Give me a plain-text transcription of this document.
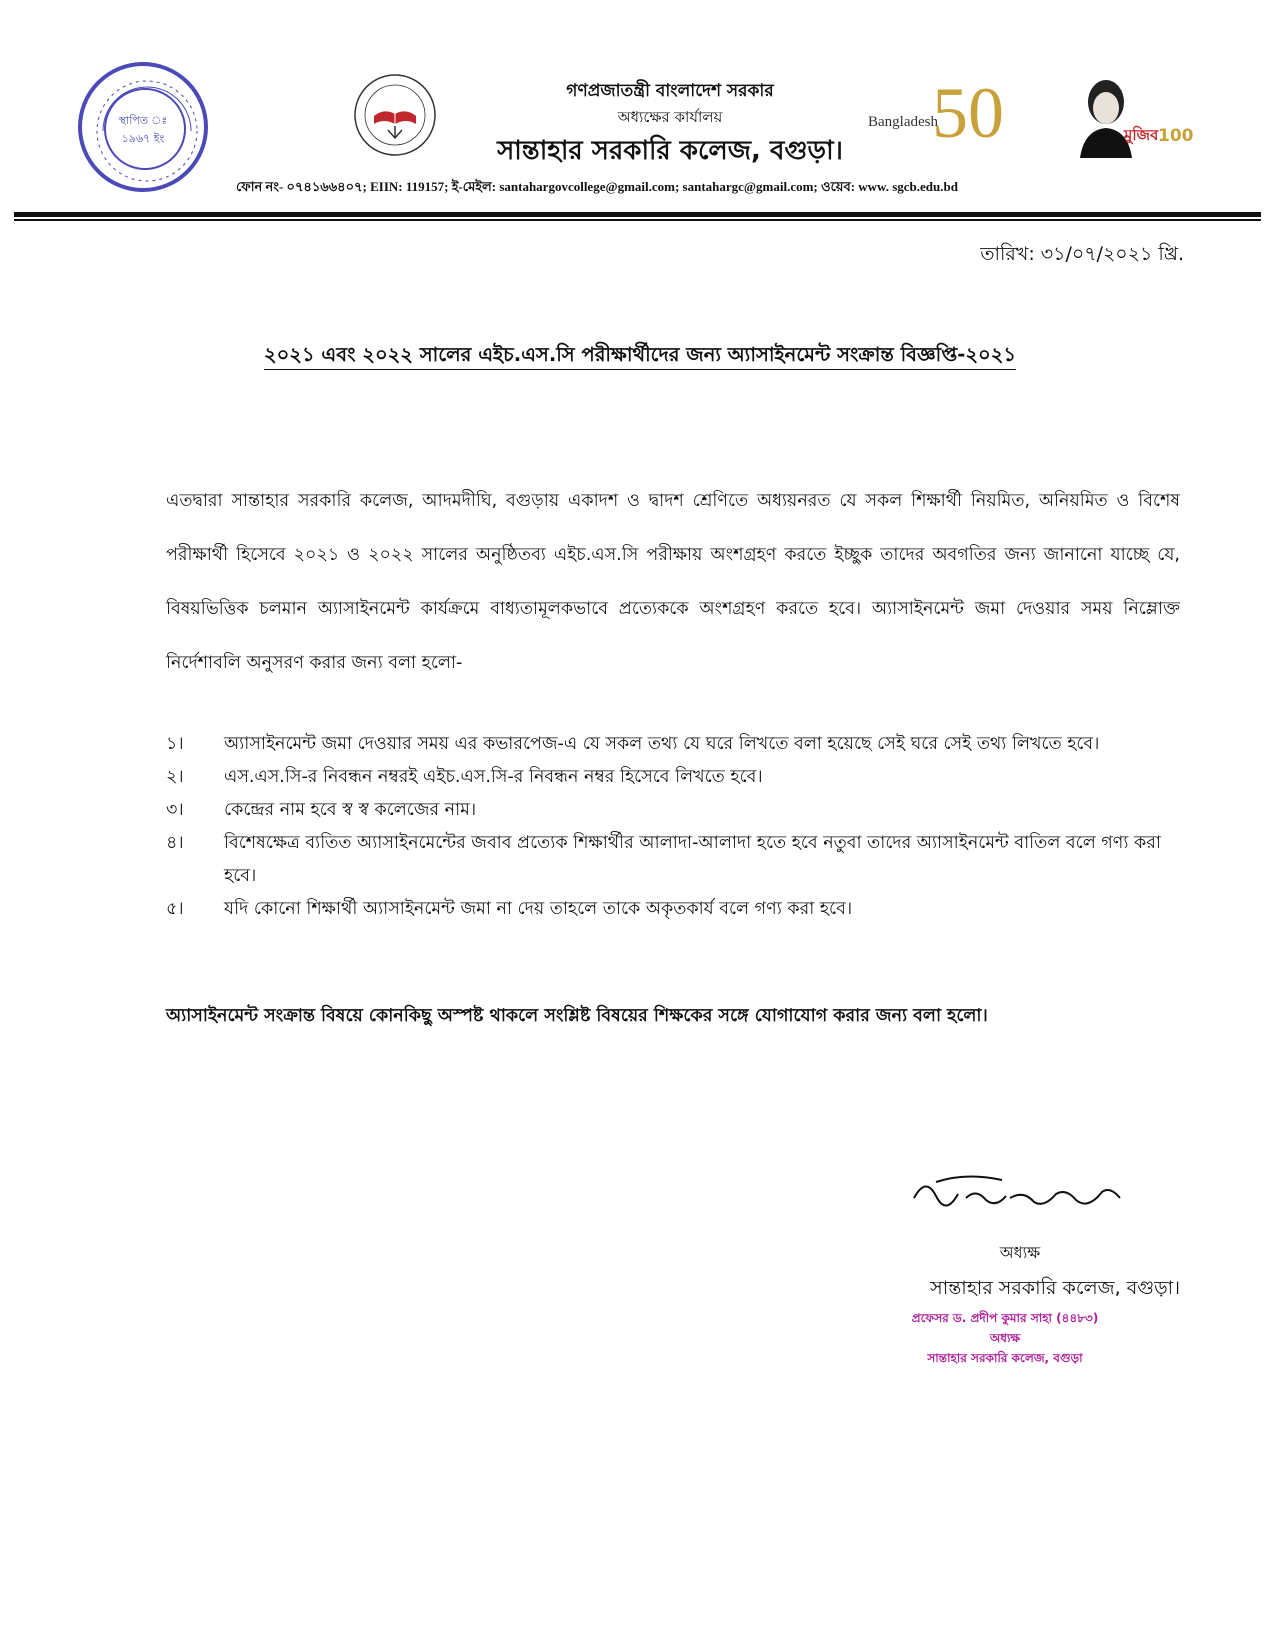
স্থাপিত ঃ
১৯৬৭ ইং
গণপ্রজাতন্ত্রী বাংলাদেশ সরকার
অধ্যক্ষের কার্যালয়
সান্তাহার সরকারি কলেজ, বগুড়া।
Bangladesh
50	মুজিব 100
ফোন নং- ০৭৪১৬৬৪০৭; EIIN: 119157; ই-মেইল: santahargovcollege@gmail.com; santahargc@gmail.com; ওয়েব: www. sgcb.edu.bd
তারিখ: ৩১/০৭/২০২১ খ্রি.
২০২১ এবং ২০২২ সালের এইচ.এস.সি পরীক্ষার্থীদের জন্য অ্যাসাইনমেন্ট সংক্রান্ত বিজ্ঞপ্তি-২০২১
এতদ্বারা সান্তাহার সরকারি কলেজ, আদমদীঘি, বগুড়ায় একাদশ ও দ্বাদশ শ্রেণিতে অধ্যয়নরত যে সকল শিক্ষার্থী নিয়মিত, অনিয়মিত ও বিশেষ পরীক্ষার্থী হিসেবে ২০২১ ও ২০২২ সালের অনুষ্ঠিতব্য এইচ.এস.সি পরীক্ষায় অংশগ্রহণ করতে ইচ্ছুক তাদের অবগতির জন্য জানানো যাচ্ছে যে, বিষয়ভিত্তিক চলমান অ্যাসাইনমেন্ট কার্যক্রমে বাধ্যতামূলকভাবে প্রত্যেককে অংশগ্রহণ করতে হবে। অ্যাসাইনমেন্ট জমা দেওয়ার সময় নিম্লোক্ত নির্দেশাবলি অনুসরণ করার জন্য বলা হলো-
১।	অ্যাসাইনমেন্ট জমা দেওয়ার সময় এর কভারপেজ-এ যে সকল তথ্য যে ঘরে লিখতে বলা হয়েছে সেই ঘরে সেই তথ্য লিখতে হবে।
২।	এস.এস.সি-র নিবন্ধন নম্বরই এইচ.এস.সি-র নিবন্ধন নম্বর হিসেবে লিখতে হবে।
৩।	কেন্দ্রের নাম হবে স্ব স্ব কলেজের নাম।
৪।	বিশেষক্ষেত্র ব্যতিত অ্যাসাইনমেন্টের জবাব প্রত্যেক শিক্ষার্থীর আলাদা-আলাদা হতে হবে নতুবা তাদের অ্যাসাইনমেন্ট বাতিল বলে গণ্য করা হবে।
৫।	যদি কোনো শিক্ষার্থী অ্যাসাইনমেন্ট জমা না দেয় তাহলে তাকে অকৃতকার্য বলে গণ্য করা হবে।
অ্যাসাইনমেন্ট সংক্রান্ত বিষয়ে কোনকিছু অস্পষ্ট থাকলে সংশ্লিষ্ট বিষয়ের শিক্ষকের সঙ্গে যোগাযোগ করার জন্য বলা হলো।
অধ্যক্ষ
সান্তাহার সরকারি কলেজ, বগুড়া।
প্রফেসর ড. প্রদীপ কুমার সাহা (৪৪৮৩)
অধ্যক্ষ
সান্তাহার সরকারি কলেজ, বগুড়া
